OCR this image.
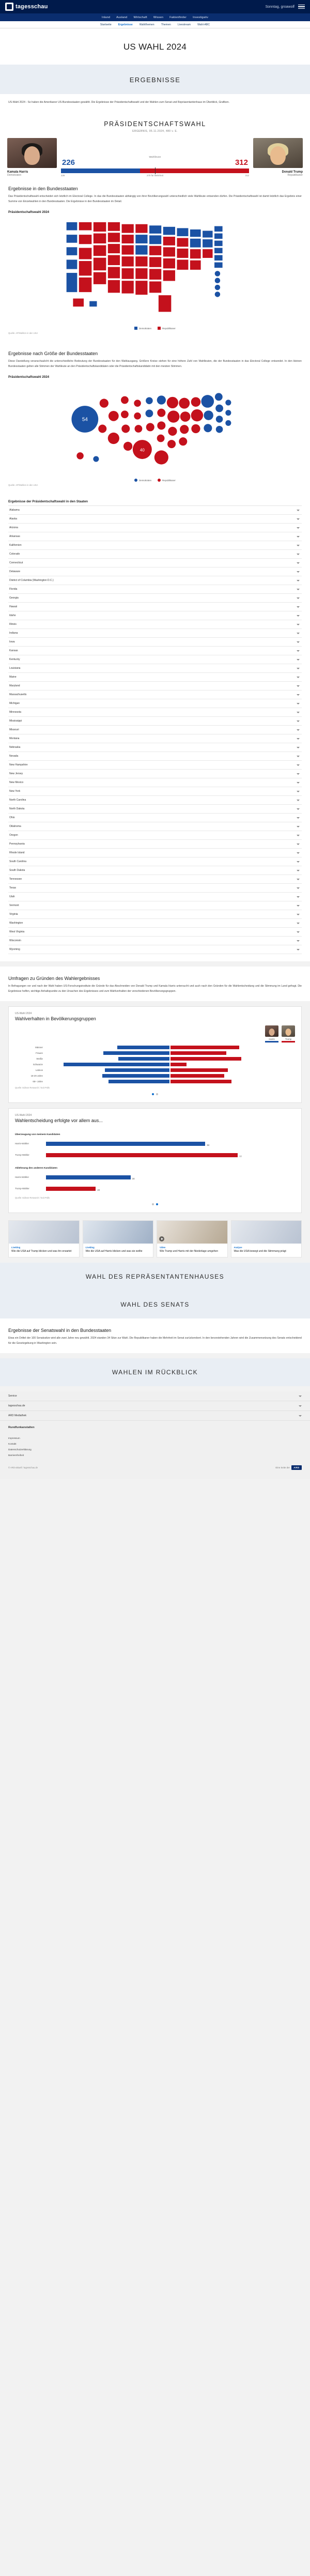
tagesschau	Sonntag, groawolf
Inland Ausland Wirtschaft Wissen Faktenfinder Investigativ
Startseite	Ergebnisse	Wahlthemen	Themen	Livestream	Wahl-ABC
US WAHL 2024
ERGEBNISSE

US-Wahl 2024 - So haben die Amerikaner US-Bundesstaaten gewählt. Die Ergebnisse der Präsidentschaftswahl und der Wahlen zum Senat und Repräsentantenhaus im Überblick, Grafiken.

PRÄSIDENTSCHAFTSWAHL
ERGEBNIS, 05.11.2024, 480 v. E.
Kamala Harris
Demokraten
Wahlleute
226	312
226	270 für Mehrheit	312
Donald Trump
Republikaner
Ergebnisse in den Bundesstaaten

Das Präsidentschaftswahl entscheidet sich letztlich im Electoral College. In das die Bundesstaaten abhängig von ihrer Bevölkerungszahl unterschiedlich viele Wahlleute entsenden dürfen. Die Präsidentschaftswahl ist damit letztlich das Ergebnis einer Summe von Einzelwahlen in den Bundesstaaten. Die Ergebnisse in den Bundesstaaten im Detail.

Präsidentschaftswahl 2024
Demokraten	Republikaner
Quelle: AP/Wahlen in den USA
Ergebnisse nach Größe der Bundesstaaten

Diese Darstellung veranschaulicht die unterschiedliche Bedeutung der Bundesstaaten für den Wahlausgang. Größere Kreise stehen für eine höhere Zahl von Wahlleuten, die der Bundesstaaten in das Electoral College entsendet. In den kleinen Bundesstaaten gelten alle Stimmen der Wahlleute an den Präsidentschaftskandidaten oder die Präsidentschaftskandidatin mit den meisten Stimmen.

Präsidentschaftswahl 2024
54
40
Demokraten	Republikaner
Quelle: AP/Wahlen in den USA
Ergebnisse der Präsidentschaftswahl in den Staaten
Alabama
Alaska
Arizona
Arkansas
Kalifornien
Colorado
Connecticut
Delaware
District of Columbia (Washington D.C.)
Florida
Georgia
Hawaii
Idaho
Illinois
Indiana
Iowa
Kansas
Kentucky
Louisiana
Maine
Maryland
Massachusetts
Michigan
Minnesota
Mississippi
Missouri
Montana
Nebraska
Nevada
New Hampshire
New Jersey
New Mexico
New York
North Carolina
North Dakota
Ohio
Oklahoma
Oregon
Pennsylvania
Rhode Island
South Carolina
South Dakota
Tennessee
Texas
Utah
Vermont
Virginia
Washington
West Virginia
Wisconsin
Wyoming
Umfragen zu Gründen des Wahlergebnisses

In Befragungen vor und nach der Wahl haben US-Forschungsinstitute die Gründe für das Abschneiden von Donald Trump und Kamala Harris untersucht und auch nach den Gründen für die Wahlentscheidung und die Stimmung im Land gefragt. Die Ergebnisse helfen, wichtige Anhaltspunkte zu den Ursachen des Ergebnisses und zum Wahlverhalten der verschiedenen Bevölkerungsgruppen.

US-Wahl 2024
Wahlverhalten in Bevölkerungsgruppen
Harris	Trump
Männer
Frauen
53
Weiße
Schwarze
85
Latinos
18-29 Jahre
54
65+ Jahre
49	49
Quelle: Edison Research / Exit Polls
US-Wahl 2024
Wahlentscheidung erfolgte vor allem aus...
Überzeugung von meinem Kandidaten
Harris-Wähler	64
Trump-Wähler	77
Ablehnung des anderen Kandidaten
Harris-Wähler	34
Trump-Wähler	20
Quelle: Edison Research / Exit Polls
Liveblog
Wie die USA auf Trump blicken und was ihn erwartet
Liveblog
Wie die USA auf Harris blicken und was sie wollte
Video
Wie Trump und Harris mit der Niederlage umgehen
Analyse
Was die USA bewegt und die Stimmung prägt
WAHL DES REPRÄSENTANTENHAUSES
WAHL DES SENATS
Ergebnisse der Senatswahl in den Bundesstaaten

Etwa ein Drittel der 100 Senatssitze wird alle zwei Jahre neu gewählt. 2024 standen 34 Sitze zur Wahl. Die Republikaner haben die Mehrheit im Senat zurückerobert. In den bevorstehenden Jahren wird die Zusammensetzung des Senats entscheidend für die Gesetzgebung in Washington sein.

WAHLEN IM RÜCKBLICK
Service
tagesschau.de
ARD Mediathek
Rundfunkanstalten
Impressum
Kontakt
Datenschutzerklärung
Barrierefreiheit
© ARD-aktuell / tagesschau.de	Eine Seite der	ARD
